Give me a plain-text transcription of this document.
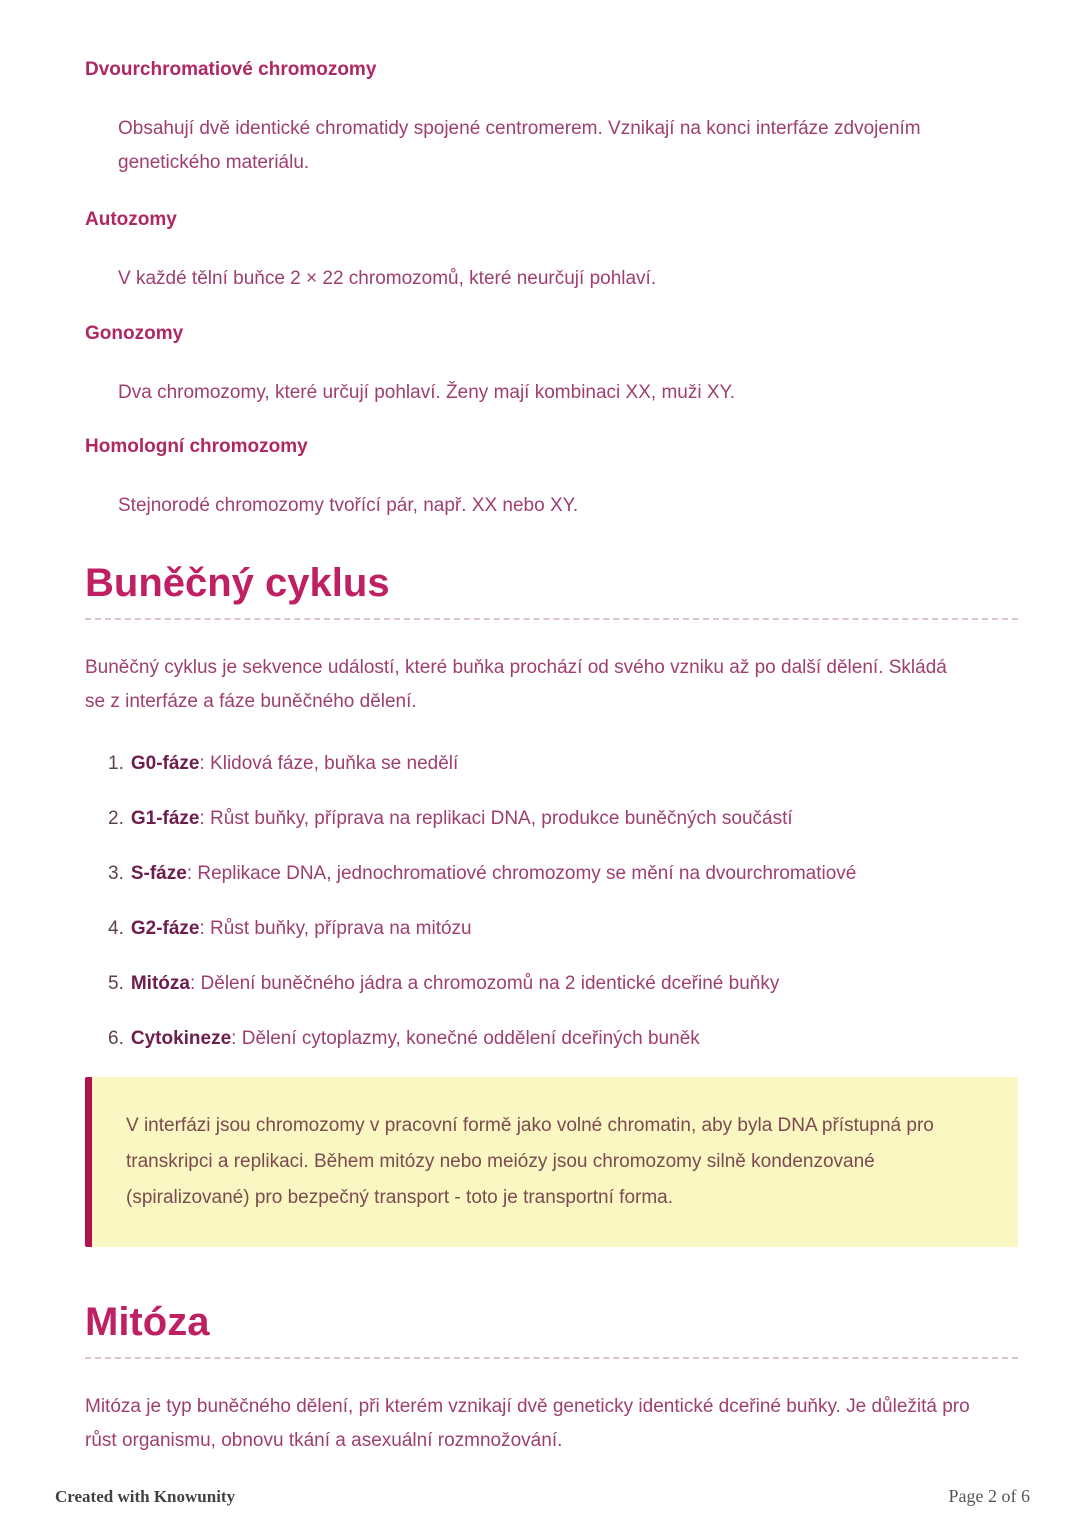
Dvourchromatiové chromozomy

Obsahují dvě identické chromatidy spojené centromerem. Vznikají na konci interfáze zdvojením genetického materiálu.

Autozomy

V každé tělní buňce 2 × 22 chromozomů, které neurčují pohlaví.

Gonozomy

Dva chromozomy, které určují pohlaví. Ženy mají kombinaci XX, muži XY.

Homologní chromozomy

Stejnorodé chromozomy tvořící pár, např. XX nebo XY.

Buněčný cyklus

Buněčný cyklus je sekvence událostí, které buňka prochází od svého vzniku až po další dělení. Skládá se z interfáze a fáze buněčného dělení.

1. G0-fáze: Klidová fáze, buňka se nedělí
2. G1-fáze: Růst buňky, příprava na replikaci DNA, produkce buněčných součástí
3. S-fáze: Replikace DNA, jednochromatiové chromozomy se mění na dvourchromatiové
4. G2-fáze: Růst buňky, příprava na mitózu
5. Mitóza: Dělení buněčného jádra a chromozomů na 2 identické dceřiné buňky
6. Cytokineze: Dělení cytoplazmy, konečné oddělení dceřiných buněk
V interfázi jsou chromozomy v pracovní formě jako volné chromatin, aby byla DNA přístupná pro transkripci a replikaci. Během mitózy nebo meiózy jsou chromozomy silně kondenzované (spiralizované) pro bezpečný transport - toto je transportní forma.
Mitóza

Mitóza je typ buněčného dělení, při kterém vznikají dvě geneticky identické dceřiné buňky. Je důležitá pro růst organismu, obnovu tkání a asexuální rozmnožování.

Created with Knowunity	Page 2 of 6
